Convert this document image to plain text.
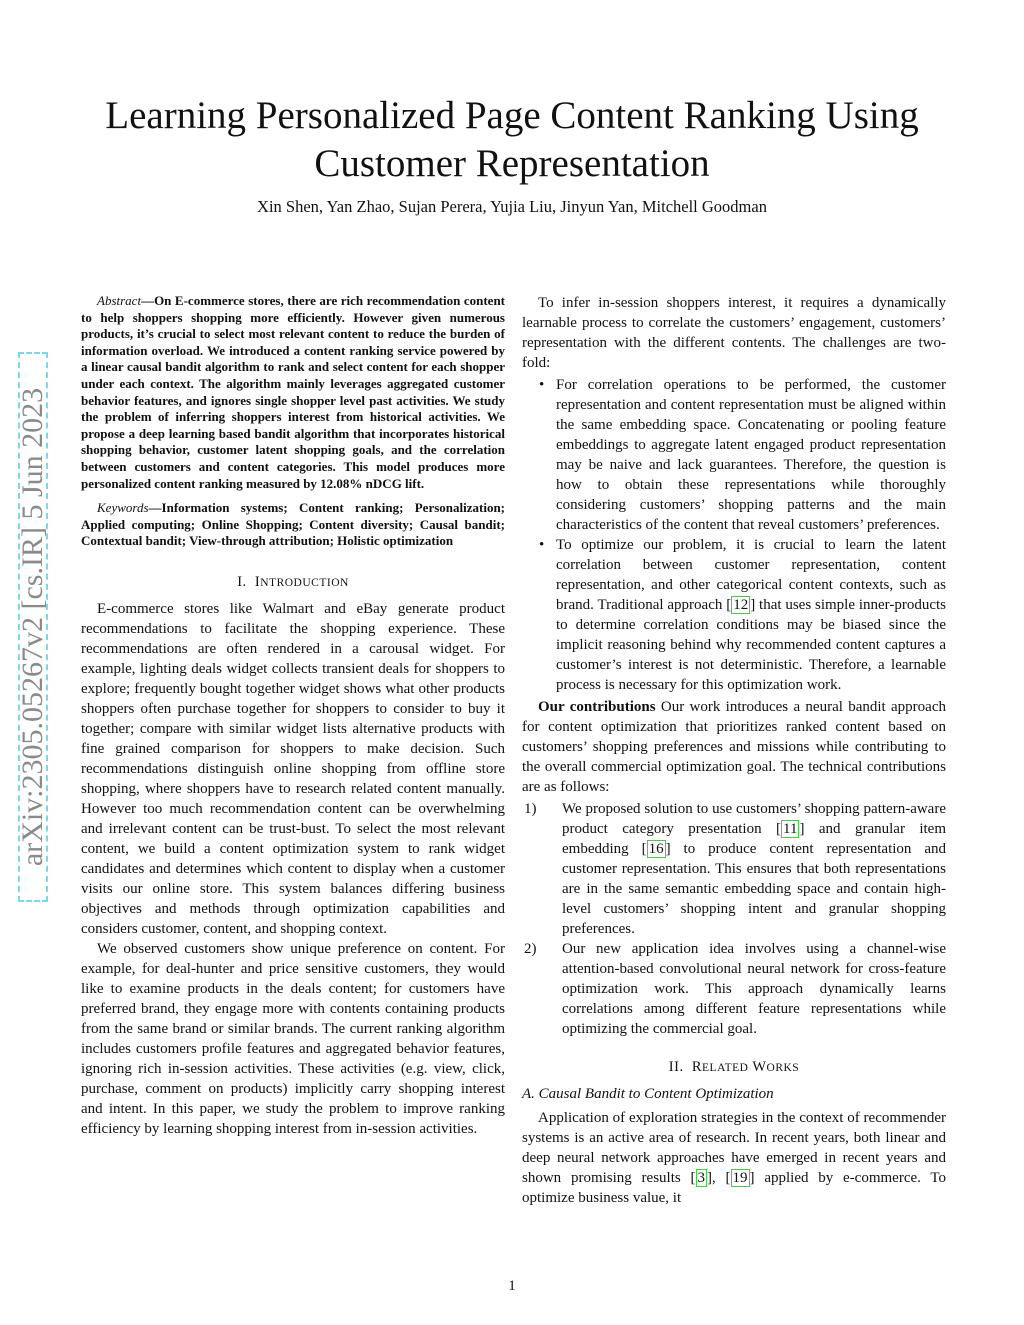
Learning Personalized Page Content Ranking Using Customer Representation
Xin Shen, Yan Zhao, Sujan Perera, Yujia Liu, Jinyun Yan, Mitchell Goodman
arXiv:2305.05267v2 [cs.IR] 5 Jun 2023

Abstract—On E-commerce stores, there are rich recommendation content to help shoppers shopping more efficiently. However given numerous products, it’s crucial to select most relevant content to reduce the burden of information overload. We introduced a content ranking service powered by a linear causal bandit algorithm to rank and select content for each shopper under each context. The algorithm mainly leverages aggregated customer behavior features, and ignores single shopper level past activities. We study the problem of inferring shoppers interest from historical activities. We propose a deep learning based bandit algorithm that incorporates historical shopping behavior, customer latent shopping goals, and the correlation between customers and content categories. This model produces more personalized content ranking measured by 12.08% nDCG lift.

Keywords—Information systems; Content ranking; Personalization; Applied computing; Online Shopping; Content diversity; Causal bandit; Contextual bandit; View-through attribution; Holistic optimization

I. INTRODUCTION

E-commerce stores like Walmart and eBay generate product recommendations to facilitate the shopping experience. These recommendations are often rendered in a carousal widget. For example, lighting deals widget collects transient deals for shoppers to explore; frequently bought together widget shows what other products shoppers often purchase together for shoppers to consider to buy it together; compare with similar widget lists alternative products with fine grained comparison for shoppers to make decision. Such recommendations distinguish online shopping from offline store shopping, where shoppers have to research related content manually. However too much recommendation content can be overwhelming and irrelevant content can be trust-bust. To select the most relevant content, we build a content optimization system to rank widget candidates and determines which content to display when a customer visits our online store. This system balances differing business objectives and methods through optimization capabilities and considers customer, content, and shopping context.

We observed customers show unique preference on content. For example, for deal-hunter and price sensitive customers, they would like to examine products in the deals content; for customers have preferred brand, they engage more with contents containing products from the same brand or similar brands. The current ranking algorithm includes customers profile features and aggregated behavior features, ignoring rich in-session activities. These activities (e.g. view, click, purchase, comment on products) implicitly carry shopping interest and intent. In this paper, we study the problem to improve ranking efficiency by learning shopping interest from in-session activities.

To infer in-session shoppers interest, it requires a dynamically learnable process to correlate the customers’ engagement, customers’ representation with the different contents. The challenges are two-fold:

• For correlation operations to be performed, the customer representation and content representation must be aligned within the same embedding space. Concatenating or pooling feature embeddings to aggregate latent engaged product representation may be naive and lack guarantees. Therefore, the question is how to obtain these representations while thoroughly considering customers’ shopping patterns and the main characteristics of the content that reveal customers’ preferences.
• To optimize our problem, it is crucial to learn the latent correlation between customer representation, content representation, and other categorical content contexts, such as brand. Traditional approach [ 12 ] that uses simple inner-products to determine correlation conditions may be biased since the implicit reasoning behind why recommended content captures a customer’s interest is not deterministic. Therefore, a learnable process is necessary for this optimization work.

Our contributions Our work introduces a neural bandit approach for content optimization that prioritizes ranked content based on customers’ shopping preferences and missions while contributing to the overall commercial optimization goal. The technical contributions are as follows:

1) We proposed solution to use customers’ shopping pattern-aware product category presentation [ 11 ] and granular item embedding [ 16 ] to produce content representation and customer representation. This ensures that both representations are in the same semantic embedding space and contain high-level customers’ shopping intent and granular shopping preferences.
2) Our new application idea involves using a channel-wise attention-based convolutional neural network for cross-feature optimization work. This approach dynamically learns correlations among different feature representations while optimizing the commercial goal.
II. RELATED WORKS
A. Causal Bandit to Content Optimization

Application of exploration strategies in the context of recommender systems is an active area of research. In recent years, both linear and deep neural network approaches have emerged in recent years and shown promising results [ 3 ], [ 19 ] applied by e-commerce. To optimize business value, it

1
